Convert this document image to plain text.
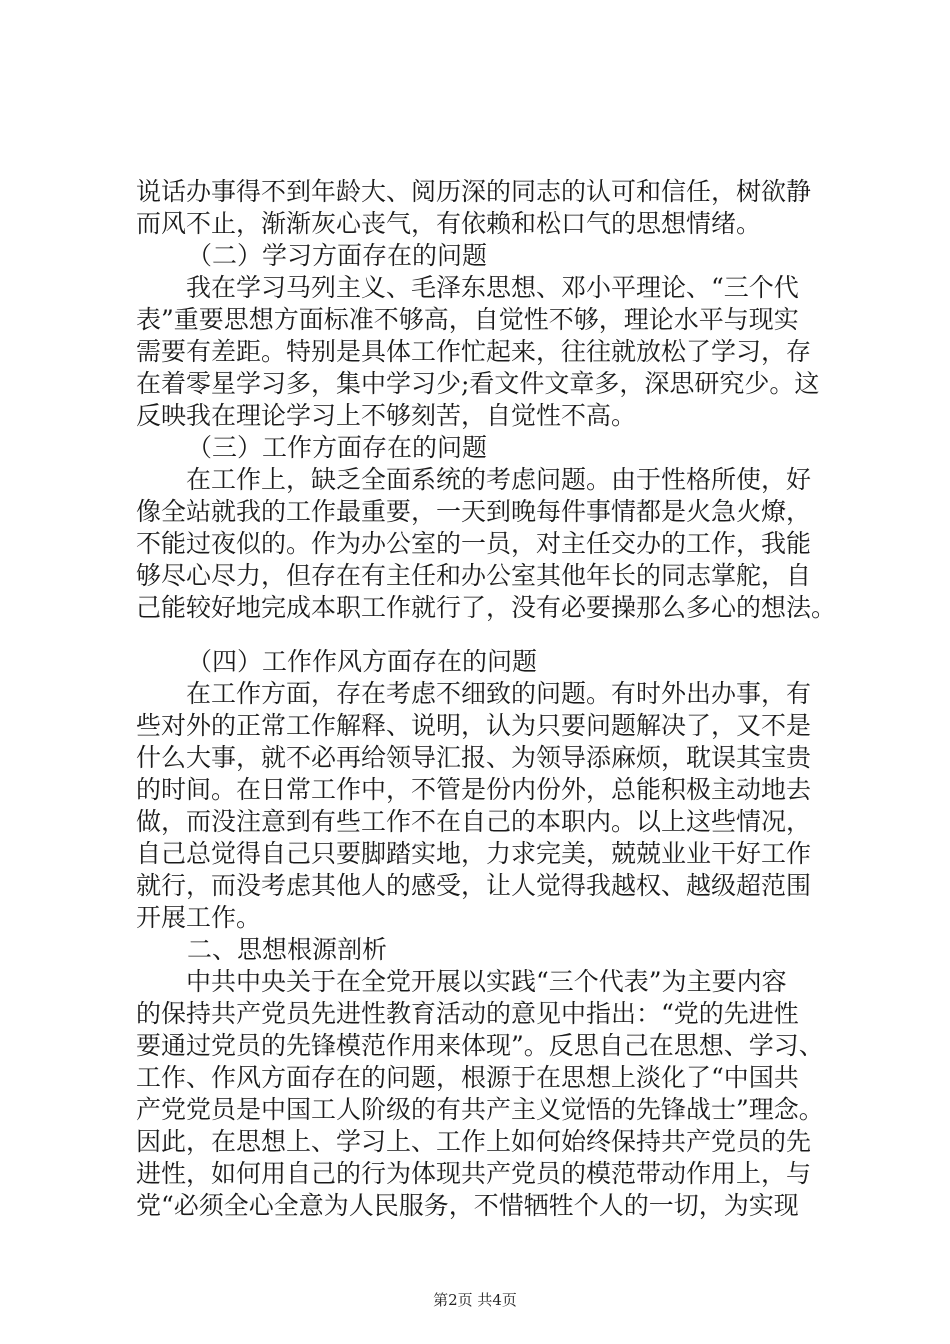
说话办事得不到年龄大、阅历深的同志的认可和信任，树欲静
而风不止，渐渐灰心丧气，有依赖和松口气的思想情绪。
（二）学习方面存在的问题
我在学习马列主义、毛泽东思想、邓小平理论、“三个代
表”重要思想方面标准不够高，自觉性不够，理论水平与现实
需要有差距。特别是具体工作忙起来，往往就放松了学习，存
在着零星学习多，集中学习少;看文件文章多，深思研究少。这
反映我在理论学习上不够刻苦，自觉性不高。
（三）工作方面存在的问题
在工作上，缺乏全面系统的考虑问题。由于性格所使，好
像全站就我的工作最重要，一天到晚每件事情都是火急火燎，
不能过夜似的。作为办公室的一员，对主任交办的工作，我能
够尽心尽力，但存在有主任和办公室其他年长的同志掌舵，自
己能较好地完成本职工作就行了，没有必要操那么多心的想法。
（四）工作作风方面存在的问题
在工作方面，存在考虑不细致的问题。有时外出办事，有
些对外的正常工作解释、说明，认为只要问题解决了，又不是
什么大事，就不必再给领导汇报、为领导添麻烦，耽误其宝贵
的时间。在日常工作中，不管是份内份外，总能积极主动地去
做，而没注意到有些工作不在自己的本职内。以上这些情况，
自己总觉得自己只要脚踏实地，力求完美，兢兢业业干好工作
就行，而没考虑其他人的感受，让人觉得我越权、越级超范围
开展工作。
二、思想根源剖析
中共中央关于在全党开展以实践“三个代表”为主要内容
的保持共产党员先进性教育活动的意见中指出：“党的先进性
要通过党员的先锋模范作用来体现”。反思自己在思想、学习、
工作、作风方面存在的问题，根源于在思想上淡化了“中国共
产党党员是中国工人阶级的有共产主义觉悟的先锋战士”理念。
因此，在思想上、学习上、工作上如何始终保持共产党员的先
进性，如何用自己的行为体现共产党员的模范带动作用上，与
党“必须全心全意为人民服务，不惜牺牲个人的一切，为实现
第2页 共4页
